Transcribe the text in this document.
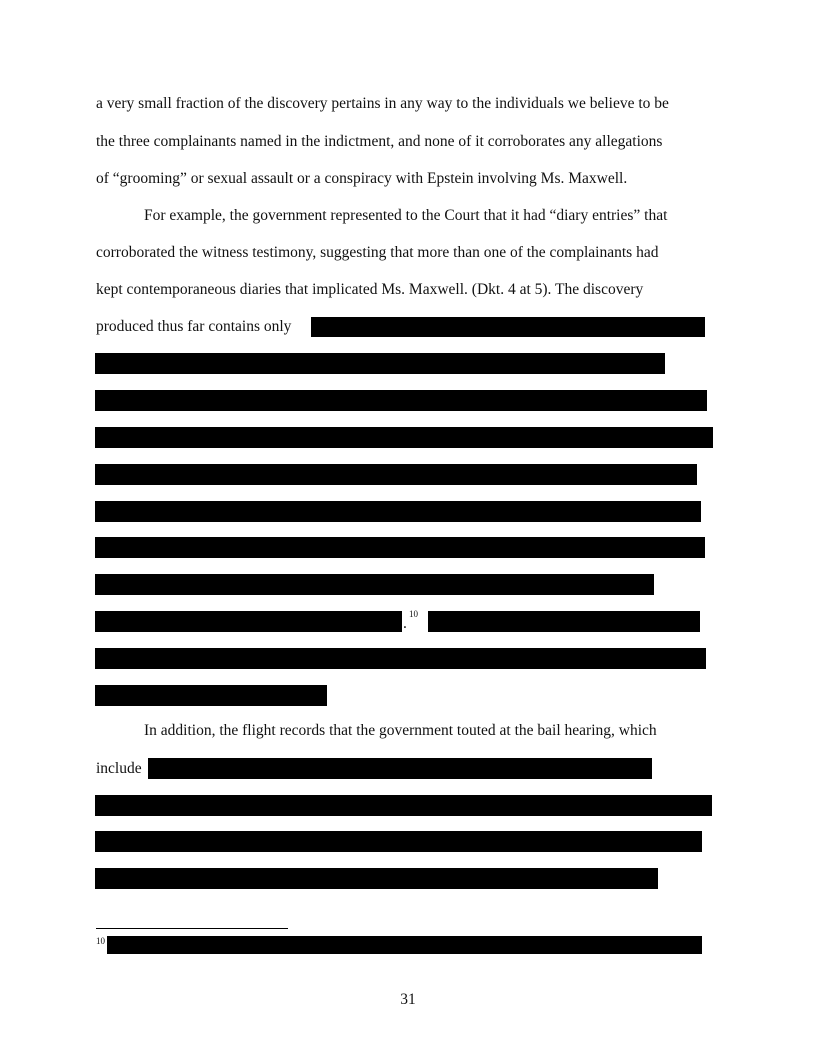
a very small fraction of the discovery pertains in any way to the individuals we believe to be
the three complainants named in the indictment, and none of it corroborates any allegations
of “grooming” or sexual assault or a conspiracy with Epstein involving Ms. Maxwell.
For example, the government represented to the Court that it had “diary entries” that
corroborated the witness testimony, suggesting that more than one of the complainants had
kept contemporaneous diaries that implicated Ms. Maxwell. (Dkt. 4 at 5). The discovery
produced thus far contains only
.
10
In addition, the flight records that the government touted at the bail hearing, which
include
10
31
